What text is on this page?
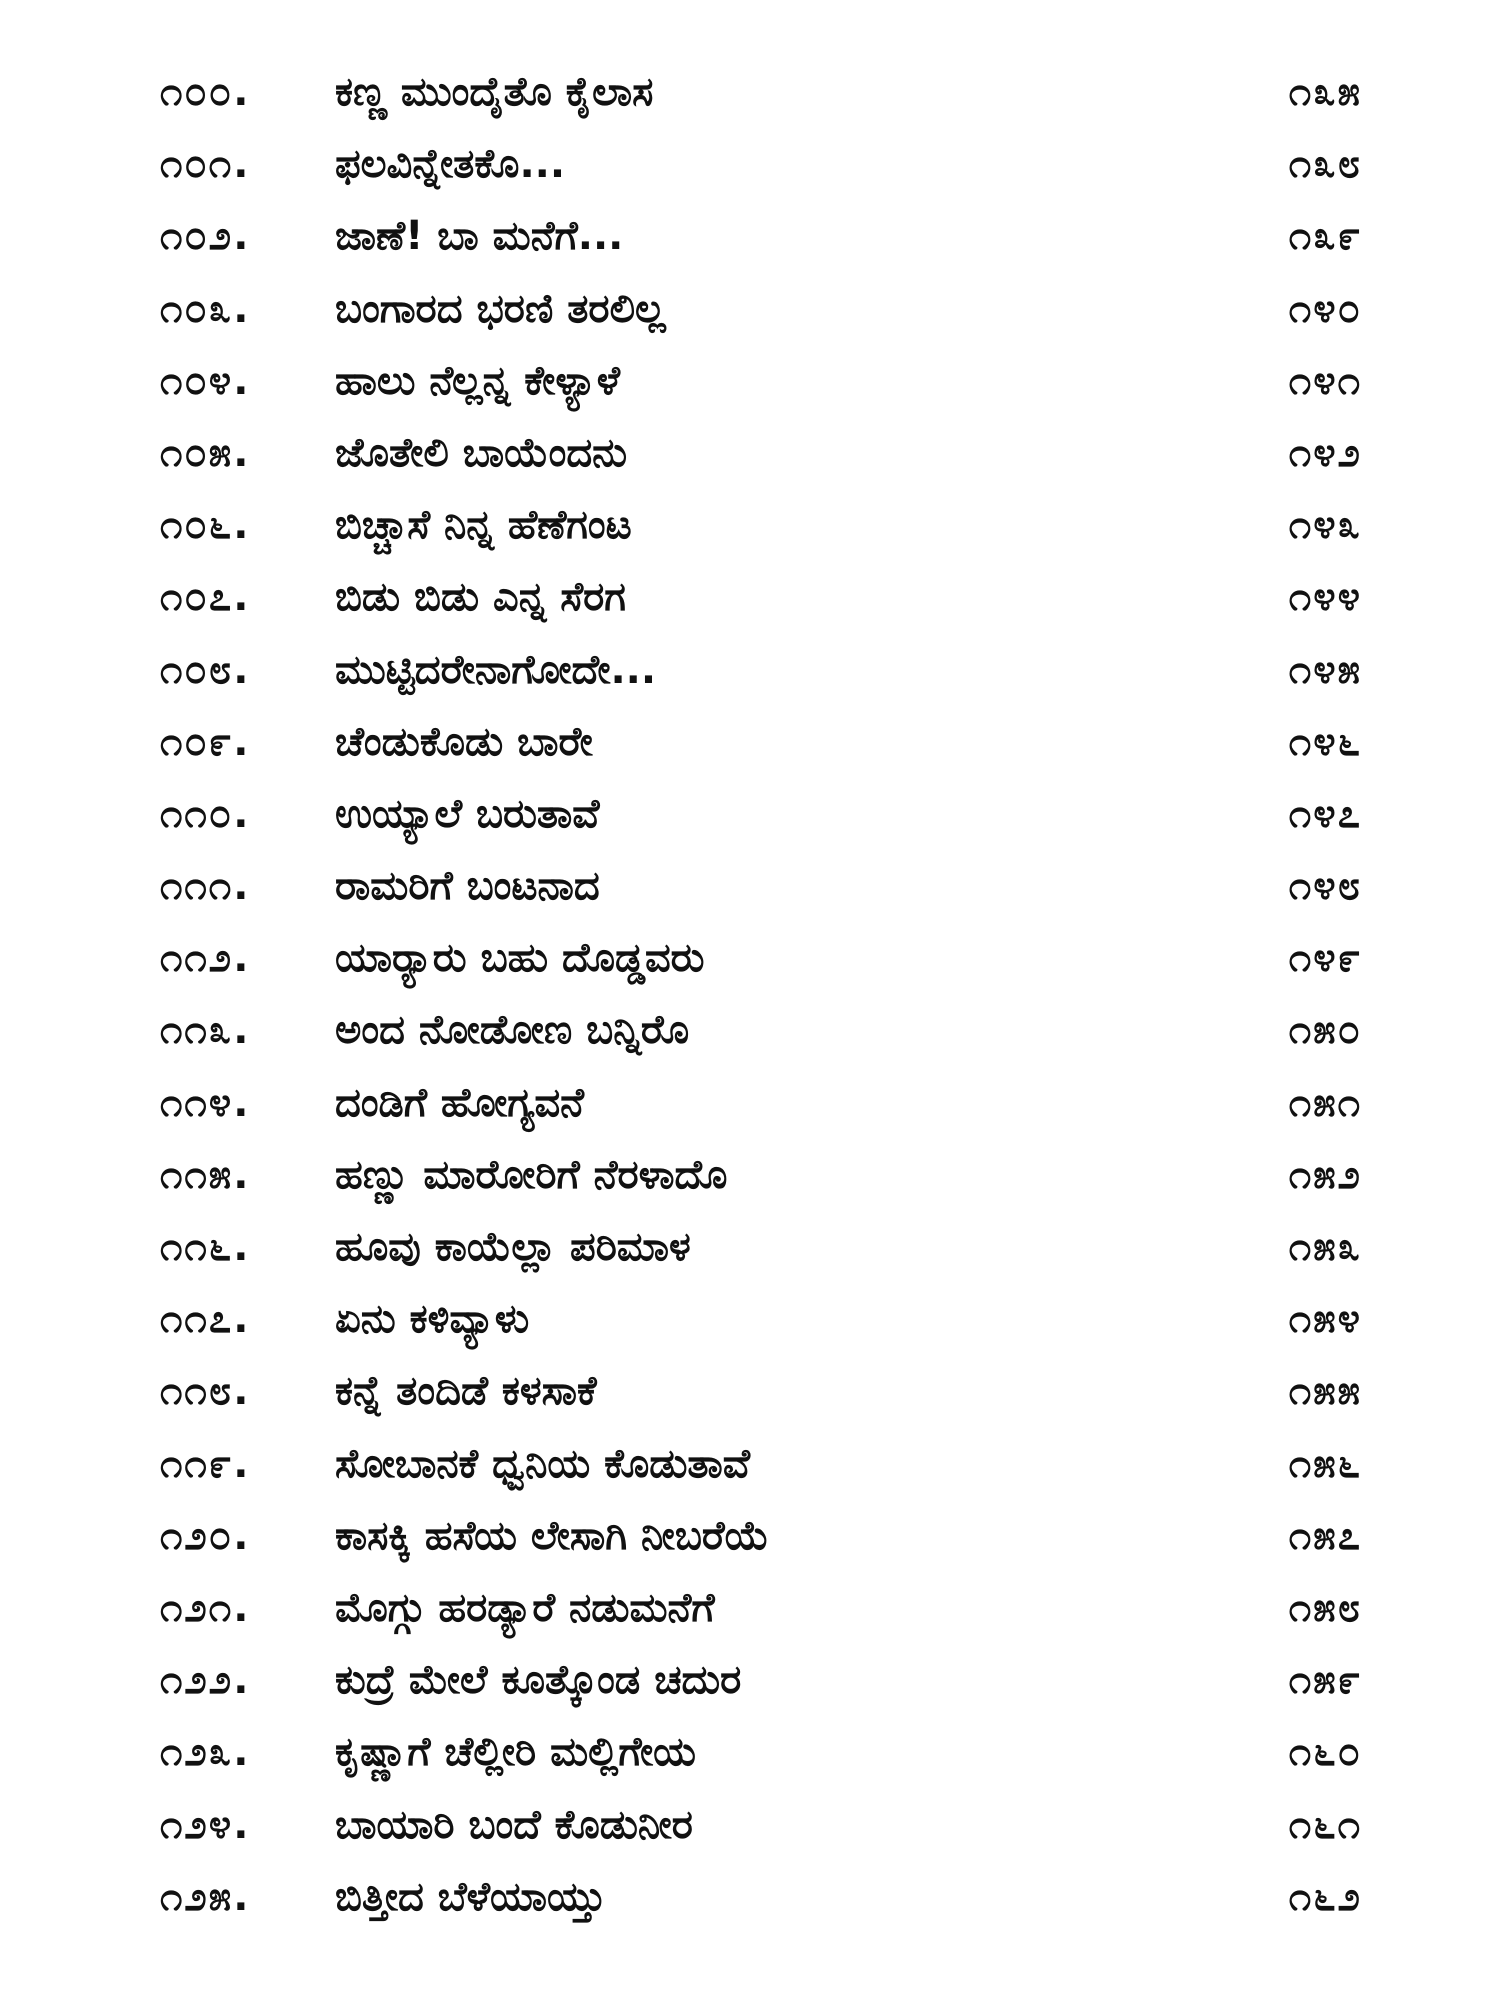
೧೦೦. ಕಣ್ಣ ಮುಂದೈತೊ ಕೈಲಾಸ	೧೩೫
೧೦೧. ಫಲವಿನ್ನೇತಕೊ...	೧೩೮
೧೦೨. ಜಾಣೆ! ಬಾ ಮನೆಗೆ...	೧೩೯
೧೦೩. ಬಂಗಾರದ ಭರಣಿ ತರಲಿಲ್ಲ	೧೪೦
೧೦೪. ಹಾಲು ನೆಲ್ಲನ್ನ ಕೇಳ್ಯಾಳೆ	೧೪೧
೧೦೫. ಜೊತೇಲಿ ಬಾಯೆಂದನು	೧೪೨
೧೦೬. ಬಿಚ್ಚಾಸೆ ನಿನ್ನ ಹೆಣೆಗಂಟ	೧೪೩
೧೦೭. ಬಿಡು ಬಿಡು ಎನ್ನ ಸೆರಗ	೧೪೪
೧೦೮. ಮುಟ್ಟಿದರೇನಾಗೋದೇ...	೧೪೫
೧೦೯. ಚೆಂಡುಕೊಡು ಬಾರೇ	೧೪೬
೧೧೦. ಉಯ್ಯಾಲೆ ಬರುತಾವೆ	೧೪೭
೧೧೧. ರಾಮರಿಗೆ ಬಂಟನಾದ	೧೪೮
೧೧೨. ಯಾರ‍್ಯಾರು ಬಹು ದೊಡ್ಡವರು	೧೪೯
೧೧೩. ಅಂದ ನೋಡೋಣ ಬನ್ನಿರೊ	೧೫೦
೧೧೪. ದಂಡಿಗೆ ಹೋಗ್ಯವನೆ	೧೫೧
೧೧೫. ಹಣ್ಣು ಮಾರೋರಿಗೆ ನೆರಳಾದೊ	೧೫೨
೧೧೬. ಹೂವು ಕಾಯೆಲ್ಲಾ ಪರಿಮಾಳ	೧೫೩
೧೧೭. ಏನು ಕಳಿವ್ಯಾಳು	೧೫೪
೧೧೮. ಕನ್ನೆ ತಂದಿಡೆ ಕಳಸಾಕೆ	೧೫೫
೧೧೯. ಸೋಬಾನಕೆ ಧ್ವನಿಯ ಕೊಡುತಾವೆ	೧೫೬
೧೨೦. ಕಾಸಕ್ಕಿ ಹಸೆಯ ಲೇಸಾಗಿ ನೀಬರೆಯೆ	೧೫೭
೧೨೧. ಮೊಗ್ಗು ಹರಡ್ಯಾರೆ ನಡುಮನೆಗೆ	೧೫೮
೧೨೨. ಕುದ್ರೆ ಮೇಲೆ ಕೂತ್ಕೊಂಡ ಚದುರ	೧೫೯
೧೨೩. ಕೃಷ್ಣಾಗೆ ಚೆಲ್ಲೀರಿ ಮಲ್ಲಿಗೇಯ	೧೬೦
೧೨೪. ಬಾಯಾರಿ ಬಂದೆ ಕೊಡುನೀರ	೧೬೧
೧೨೫. ಬಿತ್ತೀದ ಬೆಳೆಯಾಯ್ತು	೧೬೨
